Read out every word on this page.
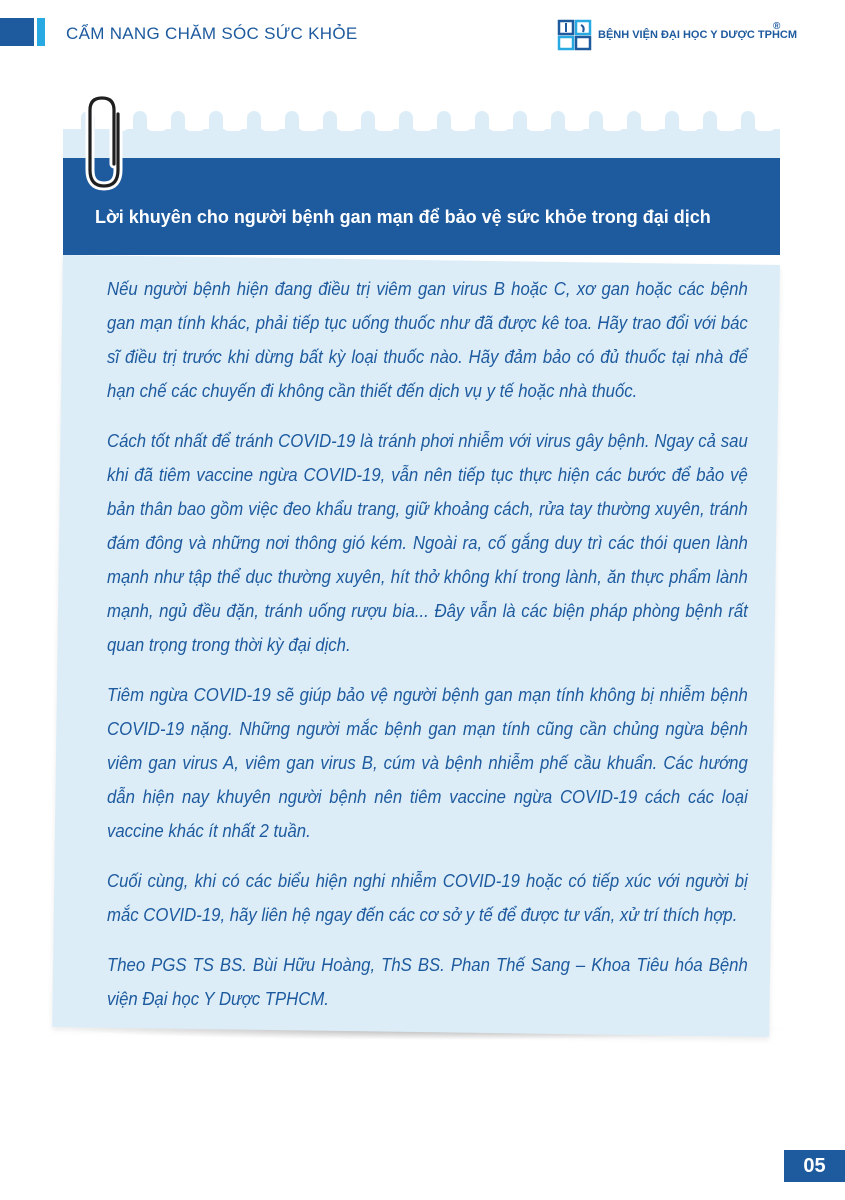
CẨM NANG CHĂM SÓC SỨC KHỎE	BỆNH VIỆN ĐẠI HỌC Y DƯỢC TPHCM
®
Lời khuyên cho người bệnh gan mạn để bảo vệ sức khỏe trong đại dịch

Nếu người bệnh hiện đang điều trị viêm gan virus B hoặc C, xơ gan hoặc các bệnh gan mạn tính khác, phải tiếp tục uống thuốc như đã được kê toa. Hãy trao đổi với bác sĩ điều trị trước khi dừng bất kỳ loại thuốc nào. Hãy đảm bảo có đủ thuốc tại nhà để hạn chế các chuyến đi không cần thiết đến dịch vụ y tế hoặc nhà thuốc.

Cách tốt nhất để tránh COVID-19 là tránh phơi nhiễm với virus gây bệnh. Ngay cả sau khi đã tiêm vaccine ngừa COVID-19, vẫn nên tiếp tục thực hiện các bước để bảo vệ bản thân bao gồm việc đeo khẩu trang, giữ khoảng cách, rửa tay thường xuyên, tránh đám đông và những nơi thông gió kém. Ngoài ra, cố gắng duy trì các thói quen lành mạnh như tập thể dục thường xuyên, hít thở không khí trong lành, ăn thực phẩm lành mạnh, ngủ đều đặn, tránh uống rượu bia... Đây vẫn là các biện pháp phòng bệnh rất quan trọng trong thời kỳ đại dịch.

Tiêm ngừa COVID-19 sẽ giúp bảo vệ người bệnh gan mạn tính không bị nhiễm bệnh COVID-19 nặng. Những người mắc bệnh gan mạn tính cũng cần chủng ngừa bệnh viêm gan virus A, viêm gan virus B, cúm và bệnh nhiễm phế cầu khuẩn. Các hướng dẫn hiện nay khuyên người bệnh nên tiêm vaccine ngừa COVID-19 cách các loại vaccine khác ít nhất 2 tuần.

Cuối cùng, khi có các biểu hiện nghi nhiễm COVID-19 hoặc có tiếp xúc với người bị mắc COVID-19, hãy liên hệ ngay đến các cơ sở y tế để được tư vấn, xử trí thích hợp.

Theo PGS TS BS. Bùi Hữu Hoàng, ThS BS. Phan Thế Sang – Khoa Tiêu hóa Bệnh viện Đại học Y Dược TPHCM.

05
